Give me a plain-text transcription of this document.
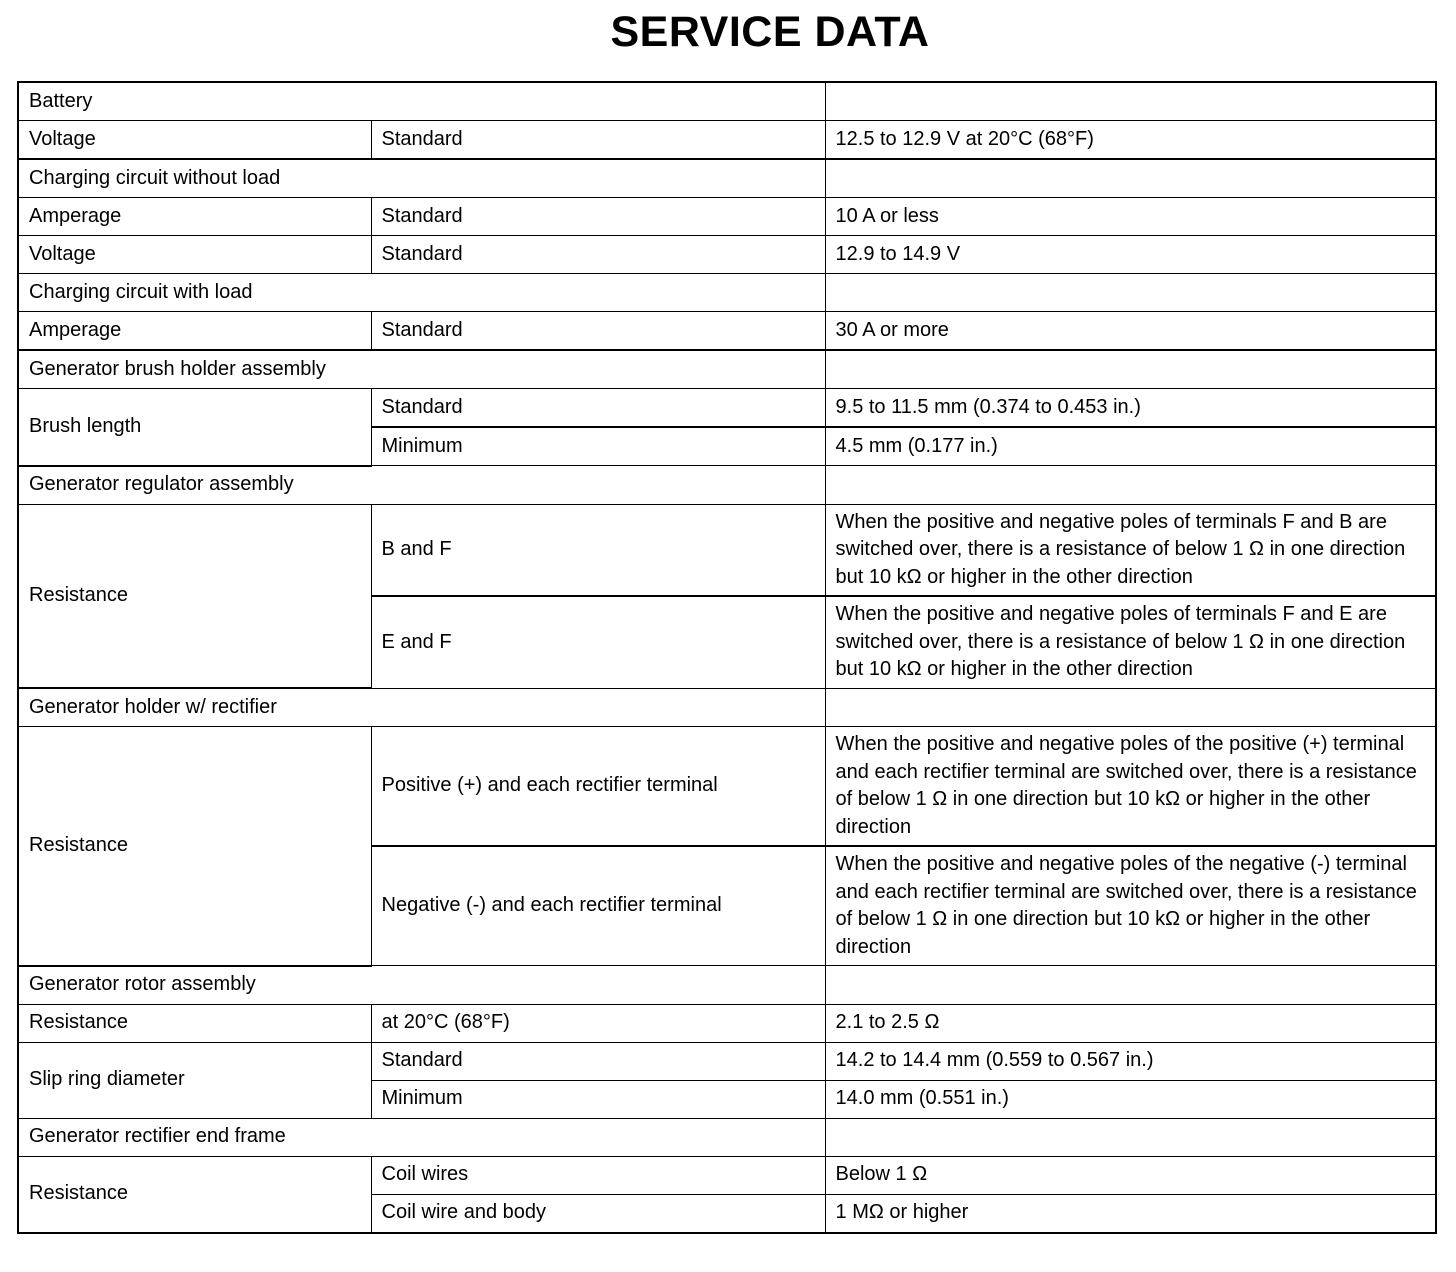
SERVICE DATA
Battery		
Voltage	Standard	12.5 to 12.9 V at 20°C (68°F)
Charging circuit without load		
Amperage	Standard	10 A or less
Voltage	Standard	12.9 to 14.9 V
Charging circuit with load		
Amperage	Standard	30 A or more
Generator brush holder assembly		
Brush length	Standard	9.5 to 11.5 mm (0.374 to 0.453 in.)
	Minimum	4.5 mm (0.177 in.)
Generator regulator assembly		
Resistance	B and F	When the positive and negative poles of terminals F and B are switched over, there is a resistance of below 1 Ω in one direction but 10 kΩ or higher in the other direction
	E and F	When the positive and negative poles of terminals F and E are switched over, there is a resistance of below 1 Ω in one direction but 10 kΩ or higher in the other direction
Generator holder w/ rectifier		
Resistance	Positive (+) and each rectifier terminal	When the positive and negative poles of the positive (+) terminal and each rectifier terminal are switched over, there is a resistance of below 1 Ω in one direction but 10 kΩ or higher in the other direction
	Negative (-) and each rectifier terminal	When the positive and negative poles of the negative (-) terminal and each rectifier terminal are switched over, there is a resistance of below 1 Ω in one direction but 10 kΩ or higher in the other direction
Generator rotor assembly		
Resistance	at 20°C (68°F)	2.1 to 2.5 Ω
Slip ring diameter	Standard	14.2 to 14.4 mm (0.559 to 0.567 in.)
	Minimum	14.0 mm (0.551 in.)
Generator rectifier end frame		
Resistance	Coil wires	Below 1 Ω
	Coil wire and body	1 MΩ or higher
